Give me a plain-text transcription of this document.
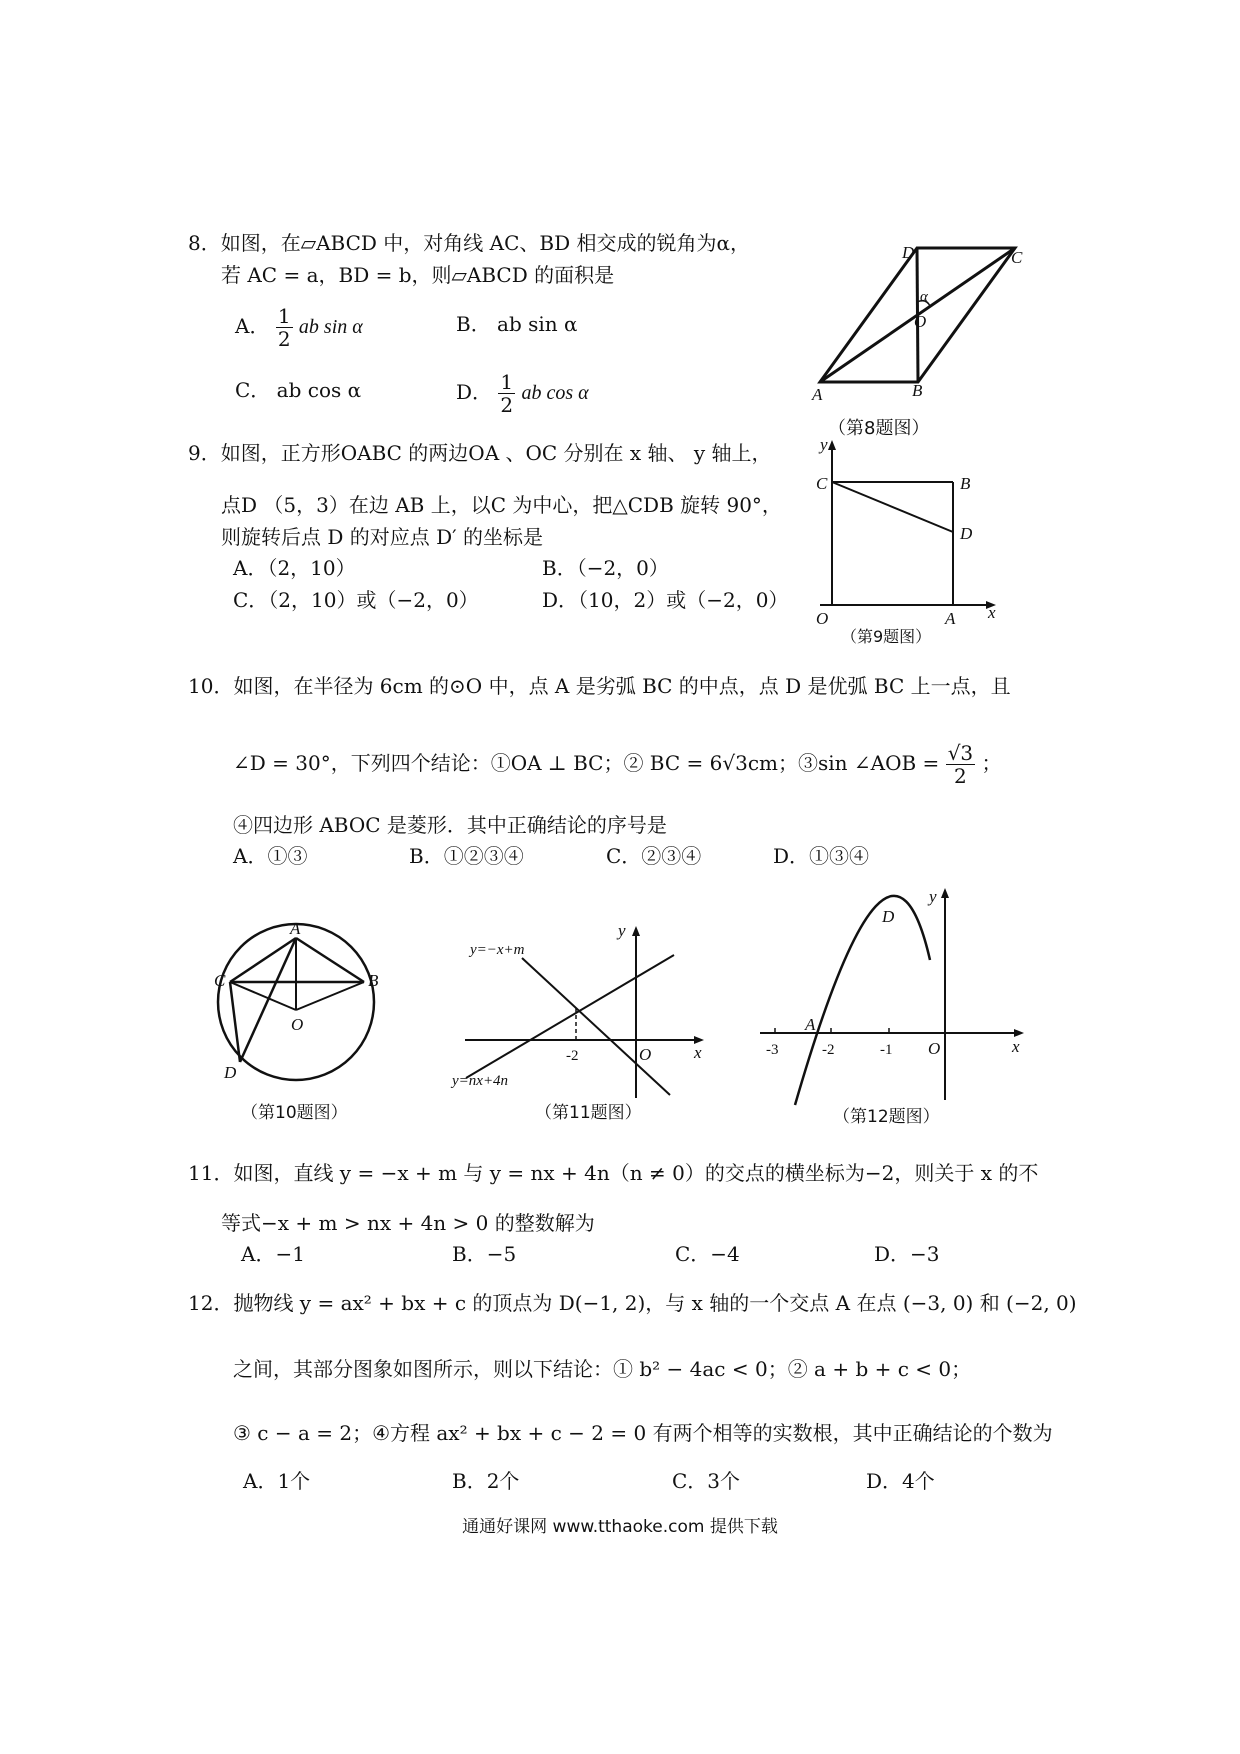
8．如图，在▱ABCD 中，对角线 AC、BD 相交成的锐角为α，
若 AC = a，BD = b，则▱ABCD 的面积是
A． $\frac{1}{2}$ ab sin α	B． ab sin α
C． ab cos α	D． $\frac{1}{2}$ ab cos α	A	B
C
D
O
α
（第8题图）
9．如图，正方形OABC 的两边OA 、OC 分别在 x 轴、 y 轴上，
点D （5，3）在边 AB 上，以C 为中心，把△CDB 旋转 90°，
则旋转后点 D 的对应点 D′ 的坐标是
A．（2，10）	B．（−2，0）
C．（2，10）或（−2，0）	D．（10，2）或（−2，0）
y
x
O	A
B
C
D
（第9题图）
10．如图，在半径为 6cm 的⊙O 中，点 A 是劣弧 BC 的中点，点 D 是优弧 BC 上一点，且
∠D = 30°，下列四个结论：①OA ⊥ BC；② BC = 6√3cm；③sin ∠AOB = $\frac{√3}{2}$ ；
④四边形 ABOC 是菱形．其中正确结论的序号是
A．①③	B．①②③④	C．②③④	D．①③④
A
B
C
D
O
（第10题图）
y=−x+m
y=nx+4n
y
x
O
-2
（第11题图）
y
x
O
A
D
-3	-2	-1
（第12题图）
11．如图，直线 y = −x + m 与 y = nx + 4n（n ≠ 0）的交点的横坐标为−2，则关于 x 的不
等式−x + m > nx + 4n > 0 的整数解为
A．−1	B．−5	C．−4	D．−3
12．抛物线 y = ax² + bx + c 的顶点为 D(−1, 2)，与 x 轴的一个交点 A 在点 (−3, 0) 和 (−2, 0)
之间，其部分图象如图所示，则以下结论：① b² − 4ac < 0；② a + b + c < 0；
③ c − a = 2；④方程 ax² + bx + c − 2 = 0 有两个相等的实数根，其中正确结论的个数为
A．1个	B．2个	C．3个	D．4个
通通好课网 www.tthaoke.com 提供下载
